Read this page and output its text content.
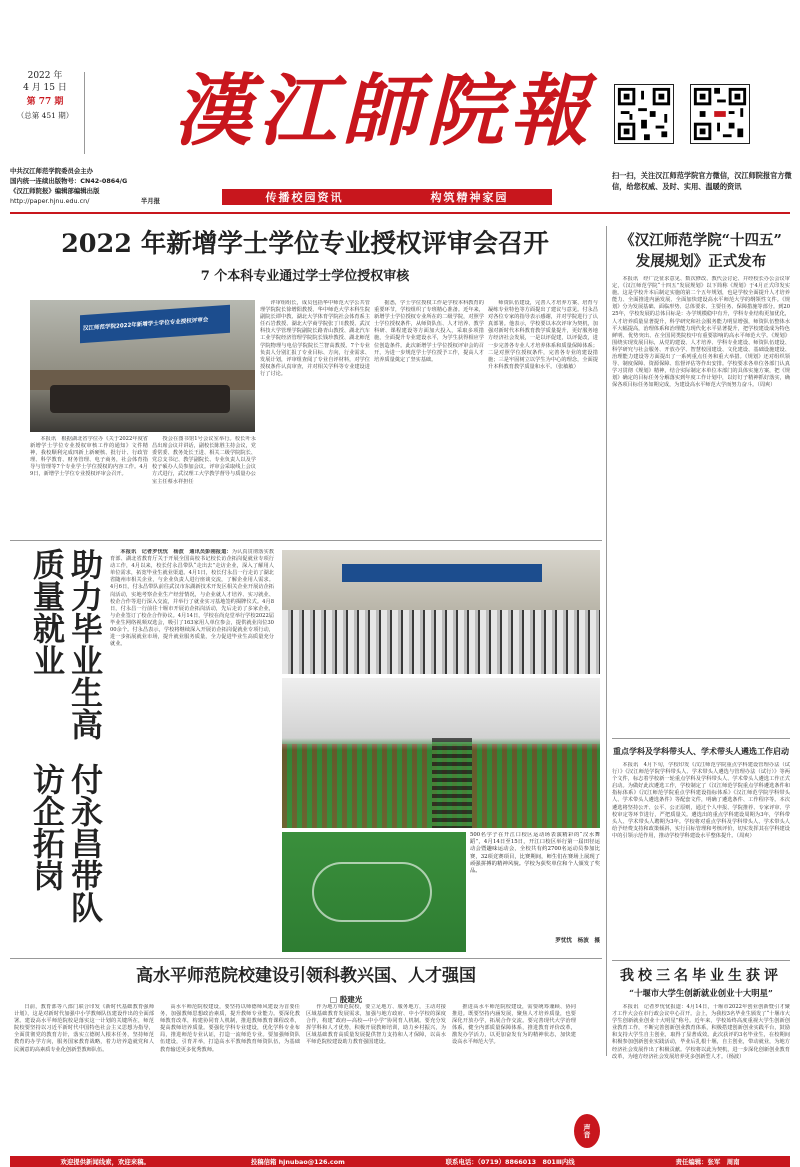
2022 年
4 月 15 日
第 77 期
（总第 451 期） 漢江師院報
中共汉江师范学院委员会主办
国内统一连续出版物号：CN42-0864/G
《汉江师院报》编辑部编辑出版
http://paper.hjnu.edu.cn/	半月报	传播校园资讯	构筑精神家园
扫一扫，关注汉江师范学院官方微信，汉江师院报官方微信，给您权威、及时、实用、温暖的资讯
2022 年新增学士学位专业授权评审会召开
7 个本科专业通过学士学位授权审核
汉江师范学院2022年新增学士学位专业授权评审会

本报讯　根据湖北省学位办《关于2022年度省新增学士学位专业授权审核工作的通知》文件精神，我校顺利完成四新上新硬核、批行计、行政管理、科学教育、财务管理、电子商务，社会体育指导与管理等7个专业学士学位授权的内容工作。4月9日，新增学士学位专业授权评审会召开。

授会在图书馆1号会议室举行。校长叶永昌出席会议并讲话，副校长陈胜主持会议，党委常委、教务处长王进、相关二级学院院长、党总支书记、教学副院长、专业负责人以及学校子硕办人员参加会议。评审会采取线上会议方式进行，武汉理工大学教学督导与质量办公室主任蔡水祥担任

评审组组长，成员包括华中师范大学公共管理学院院长徐增阳教授、华中师范大学本科生院副院长谭中教、湖北大学体育学院社会体育系主任石岩教授、湖北大学商学院张丁川教授、武汉科技大学管理学院副院长路青山教授、湖北汽车工业学院经济管理学院院长钱珍教授、湖北师范学院物理与电信学院院长兰智高教授。7个专业负责人分别汇报了专业目标、方向，行业需求、发展计划，评审组查阅了专业自评材料，对学位授权条件认真审查，并对相关学科等专业建设进行了讨论。

据悉，学士学位授权工作是学校本科教育的重要环节，学校组织了专班精心准备。近年来，新增学士学位授权专业所在的二级学院，对照学士学位授权条件，从师资队伍、人才培养、教学科研、课程建设等方面加大投入，采取多项措施，全面提升专业建设水平，为学生获得相应学位创造条件。此次新增学士学位授权评审会的召开，为进一步规范学士学位授予工作，提高人才培养质量奠定了坚实基础。

师资队伍建设，完善人才培养方案、培育与凝练专业特色等方面提出了建议与意见。付永昌对各位专家的指导表示感谢，并对学院进行了认真部署。他表示，学校要以本次评审为契机，加强对新时代本科教育教学质量提升，更好服务地方经济社会发展，一是以评促建，以评促改，进一步完善各专业人才培养体系和质量保障体系；二是对照学位授权条件，完善各专业的建设措施；三是牢固树立以学生为中心的理念，全面提升本科教育教学质量和水平。（张敏敏）

《汉江师范学院“十四五”
发展规划》正式发布

本报讯　经广泛征求意见、数次修改、教代会讨论、并经校长办公会议审定，《汉江师范学院“十四五”发展规划》以下简称《规划》于4月正式印发实施。这是学校升本后制定实施的第二个五年规划，也是学校全面提升人才培养能力、全面推进内涵发展、全面加快建设高水平师范大学的纲领性文件。《规划》分为发展基础、面临形势、总体要求、主要任务、保障措施等部分。到2025年，学校发展的总体目标是：办学规模稳中有升，学科专业结构更加优化，人才培养质量显著提升，科学研究和社会服务能力明显增强，师资队伍整体水平大幅提高，治理体系和治理能力现代化水平显著提升，把学校建设成为特色鲜明、优势突出、在全国同类院校中有重要影响的高水平师范大学。《规划》围绕实现发展目标，从党的建设、人才培养、学科专业建设、师资队伍建设、科学研究与社会服务、开放办学、智慧校园建设、文化建设、基础设施建设、治理能力建设等方面提出了一系列重点任务和重大举措。《规划》还对组织领导、制度保障、资源保障、监督评估等作出安排。学校要求各单位各部门认真学习贯彻《规划》精神，结合实际制定本单位本部门的具体实施方案，把《规划》确定的目标任务分解落实到年度工作计划中，以钉钉子精神抓好落实，确保各项目标任务如期完成，为建设高水平师范大学而努力奋斗。（周爽）

重点学科及学科带头人、学术带头人遴选工作启动

本报讯　4月下旬，学校印发《汉江师范学院重点学科建设管理办法（试行）》《汉江师范学院学科带头人、学术带头人遴选与管理办法（试行）》等两个文件，标志着学校新一轮重点学科及学科带头人、学术带头人遴选工作正式启动。为做好此次遴选工作，学校制定了《汉江师范学院重点学科遴选条件和指标体系》《汉江师范学院重点学科建设指标体系》《汉江师范学院学科带头人、学术带头人遴选条件》等配套文件，明确了遴选条件、工作程序等。本次遴选将坚持公开、公平、公正原则，通过个人申报、学院推荐、专家评审、学校审定等环节进行，严把质量关。遴选出的重点学科建设周期为3年，学科带头人、学术带头人聘期为3年。学校将对重点学科及学科带头人、学术带头人给予经费支持和政策倾斜，实行目标管理和考核评价，切实发挥其在学科建设中的引领示范作用，推动学校学科建设水平整体提升。（周爽）

付永昌带队访企拓岗
助力毕业生高质量就业	本报讯　记者罗忧忧　杨波　通讯员彭刚报道：为认真贯彻落实教育部、湖北省教育厅关于开展全国高校书记校长访企拓岗促就业专项行动工作，4月以来，校长付永昌带队“走出去”走访企业，深入了解用人单位需求，拓宽毕业生就业渠道。4月1日，校长付永昌一行走访了湖北省随州市相关企业，与企业负责人进行座谈交流，了解企业用人需求。4月6日，付永昌带队前往武汉市东湖新技术开发区相关企业开展访企拓岗活动，实地考察企业生产经营情况，与企业就人才培养、实习就业、校企合作等进行深入交流，并举行了就业实习基地签约揭牌仪式。4月8日，付永昌一行前往十堰市开展访企拓岗活动，先后走访了多家企业，与企业签订了校企合作协议。4月14日，学校在尚克堂举行学校2022届毕业生网络视频双选会，吸引了163家用人单位参会，提供就业岗位3000余个。付永昌表示，学校将继续深入开展访企拓岗促就业专项行动，进一步拓展就业市场，提升就业服务质量，全力促进毕业生高质量充分就业。

500名学子在开江口校区运动场表演精彩的“汉水舞蹈”，4月14日至15日，开江口校区举行第一届田径运动会暨趣味运动会，全校共有约2700名运动员参加比赛，32项竞赛项目，比赛期间，师生们在赛场上展现了顽强拼搏的精神风貌。学校为获奖单位和个人颁发了奖品。
罗忧忧　杨波　摄
高水平师范院校建设引领科教兴国、人才强国
□ 殷建光

日前，教育部等八部门联合印发《新时代基础教育强师计划》，这是对新时代加强中小学教师队伍建设作出的全面部署。建设高水平师范院校是落实这一计划的关键所在，师范院校要坚持以习近平新时代中国特色社会主义思想为指导，全面贯彻党的教育方针，落实立德树人根本任务，坚持师范教育的办学方向，服务国家教育战略，着力培养造就党和人民满意的高素质专业化创新型教师队伍。

高水平师范院校建设，要坚持以师德师风建设为首要任务，加强教师思想政治素质，提升教师专业能力。要深化教师教育改革，构建协同育人机制，推进教师教育课程改革，提高教师培养质量。要强化学科专业建设，优化学科专业布局，推进师范专业认证，打造一流师范专业。要加强师资队伍建设，引育并举，打造高水平教师教育师资队伍，为基础教育输送更多优秀教师。

作为地方师范院校，要立足地方、服务地方，主动对接区域基础教育发展需求，加强与地方政府、中小学校的深度合作，构建“政府—高校—中小学”协同育人机制。要充分发挥学科和人才优势，积极开展教师培训，助力乡村振兴，为区域基础教育高质量发展提供智力支持和人才保障，以高水平师范院校建设助力教育强国建设。

推进高水平师范院校建设，需要统筹兼顾、协同推进。既要坚持内涵发展，聚焦人才培养质量，也要深化开放办学，拓展合作交流。要完善现代大学治理体系，健全内部质量保障体系，推进教育评价改革，激发办学活力，以更加奋发有为的精神状态，加快建设高水平师范大学。

声音
我校三名毕业生获评
“十堰市大学生创新就业创业十大明星”

本报讯　记者罗忧忧报道：4月14日，十堰市2022年创业创新暨引才聚才工作大会在市行政会议中心召开。会上，为我校3名毕业生颁发了“十堰市大学生创新就业创业十大明星”称号。近年来，学校始终高度重视大学生创新创业教育工作，不断完善创新创业教育体系，积极搭建创新创业实践平台，鼓励和支持大学生自主创业，取得了显著成效。此次获评的3名毕业生，在校期间积极参加创新创业实践活动，毕业后扎根十堰，自主创业，带动就业，为地方经济社会发展作出了积极贡献。学校将以此为契机，进一步深化创新创业教育改革，为地方经济社会发展培养更多创新型人才。（杨波）

欢迎提供新闻线索，欢迎来稿。	投稿信箱 hjnubao@126.com	联系电话：（0719）8866013　801Ⅲ内线	责任编辑：张军　周南
